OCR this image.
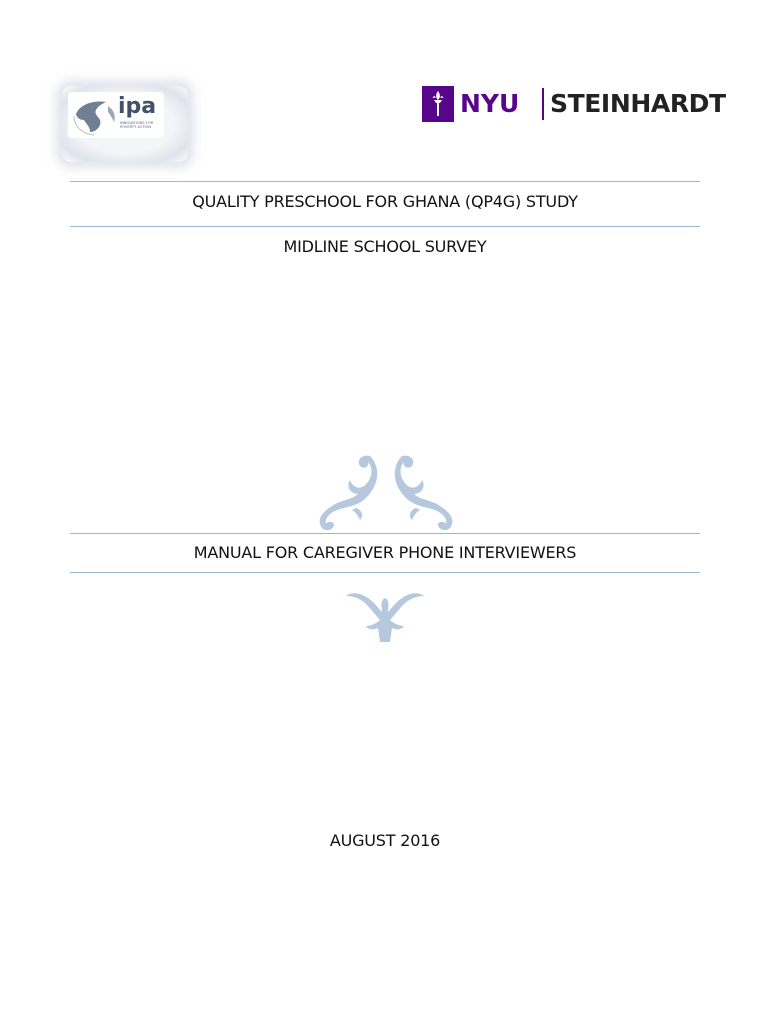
ipa
INNOVATIONS FOR POVERTY ACTION
NYU STEINHARDT
QUALITY PRESCHOOL FOR GHANA (QP4G) STUDY
MIDLINE SCHOOL SURVEY
MANUAL FOR CAREGIVER PHONE INTERVIEWERS
AUGUST 2016
